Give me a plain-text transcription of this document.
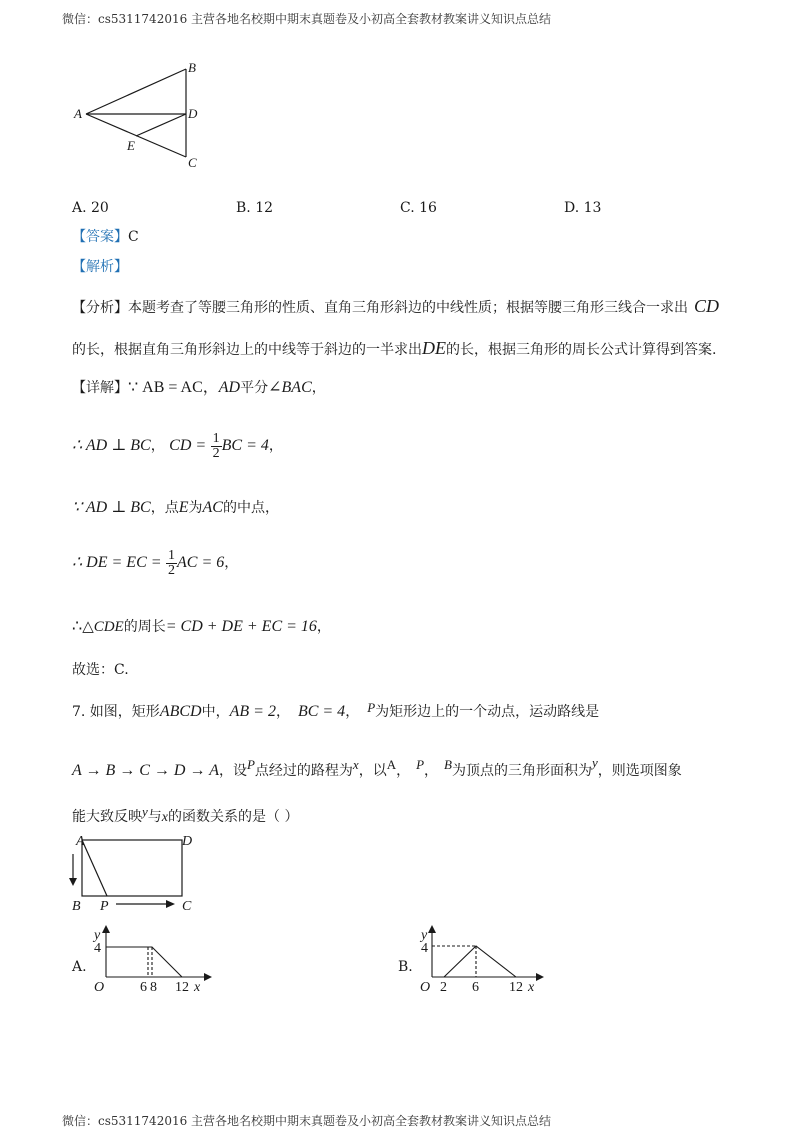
微信：cs5311742016 主营各地名校期中期末真题卷及小初高全套教材教案讲义知识点总结
A
B
C
D
E
A. 20	B. 12	C. 16	D. 13
【答案】C
【解析】
【分析】本题考查了等腰三角形的性质、直角三角形斜边的中线性质；根据等腰三角形三线合一求出 CD
的长，根据直角三角形斜边上的中线等于斜边的一半求出DE的长，根据三角形的周长公式计算得到答案.
【详解】∵ AB = AC，AD平分∠BAC，
∴ AD ⊥ BC， CD = $\frac{1}{2}$ BC = 4，
∵ AD ⊥ BC，点E为AC的中点，
∴ DE = EC = $\frac{1}{2}$ AC = 6，
∴△CDE的周长= CD + DE + EC = 16，
故选：C.
7. 如图，矩形ABCD中，AB = 2， BC = 4， P为矩形边上的一个动点，运动路线是
A → B → C → D → A，设P点经过的路程为x，以A， P， B为顶点的三角形面积为y，则选项图象
能大致反映y与x的函数关系的是（ ）
A	D
B P	C
A.
y
4
O	6 8 12 x
B.
y
4
O 2 6 12 x
微信：cs5311742016 主营各地名校期中期末真题卷及小初高全套教材教案讲义知识点总结
